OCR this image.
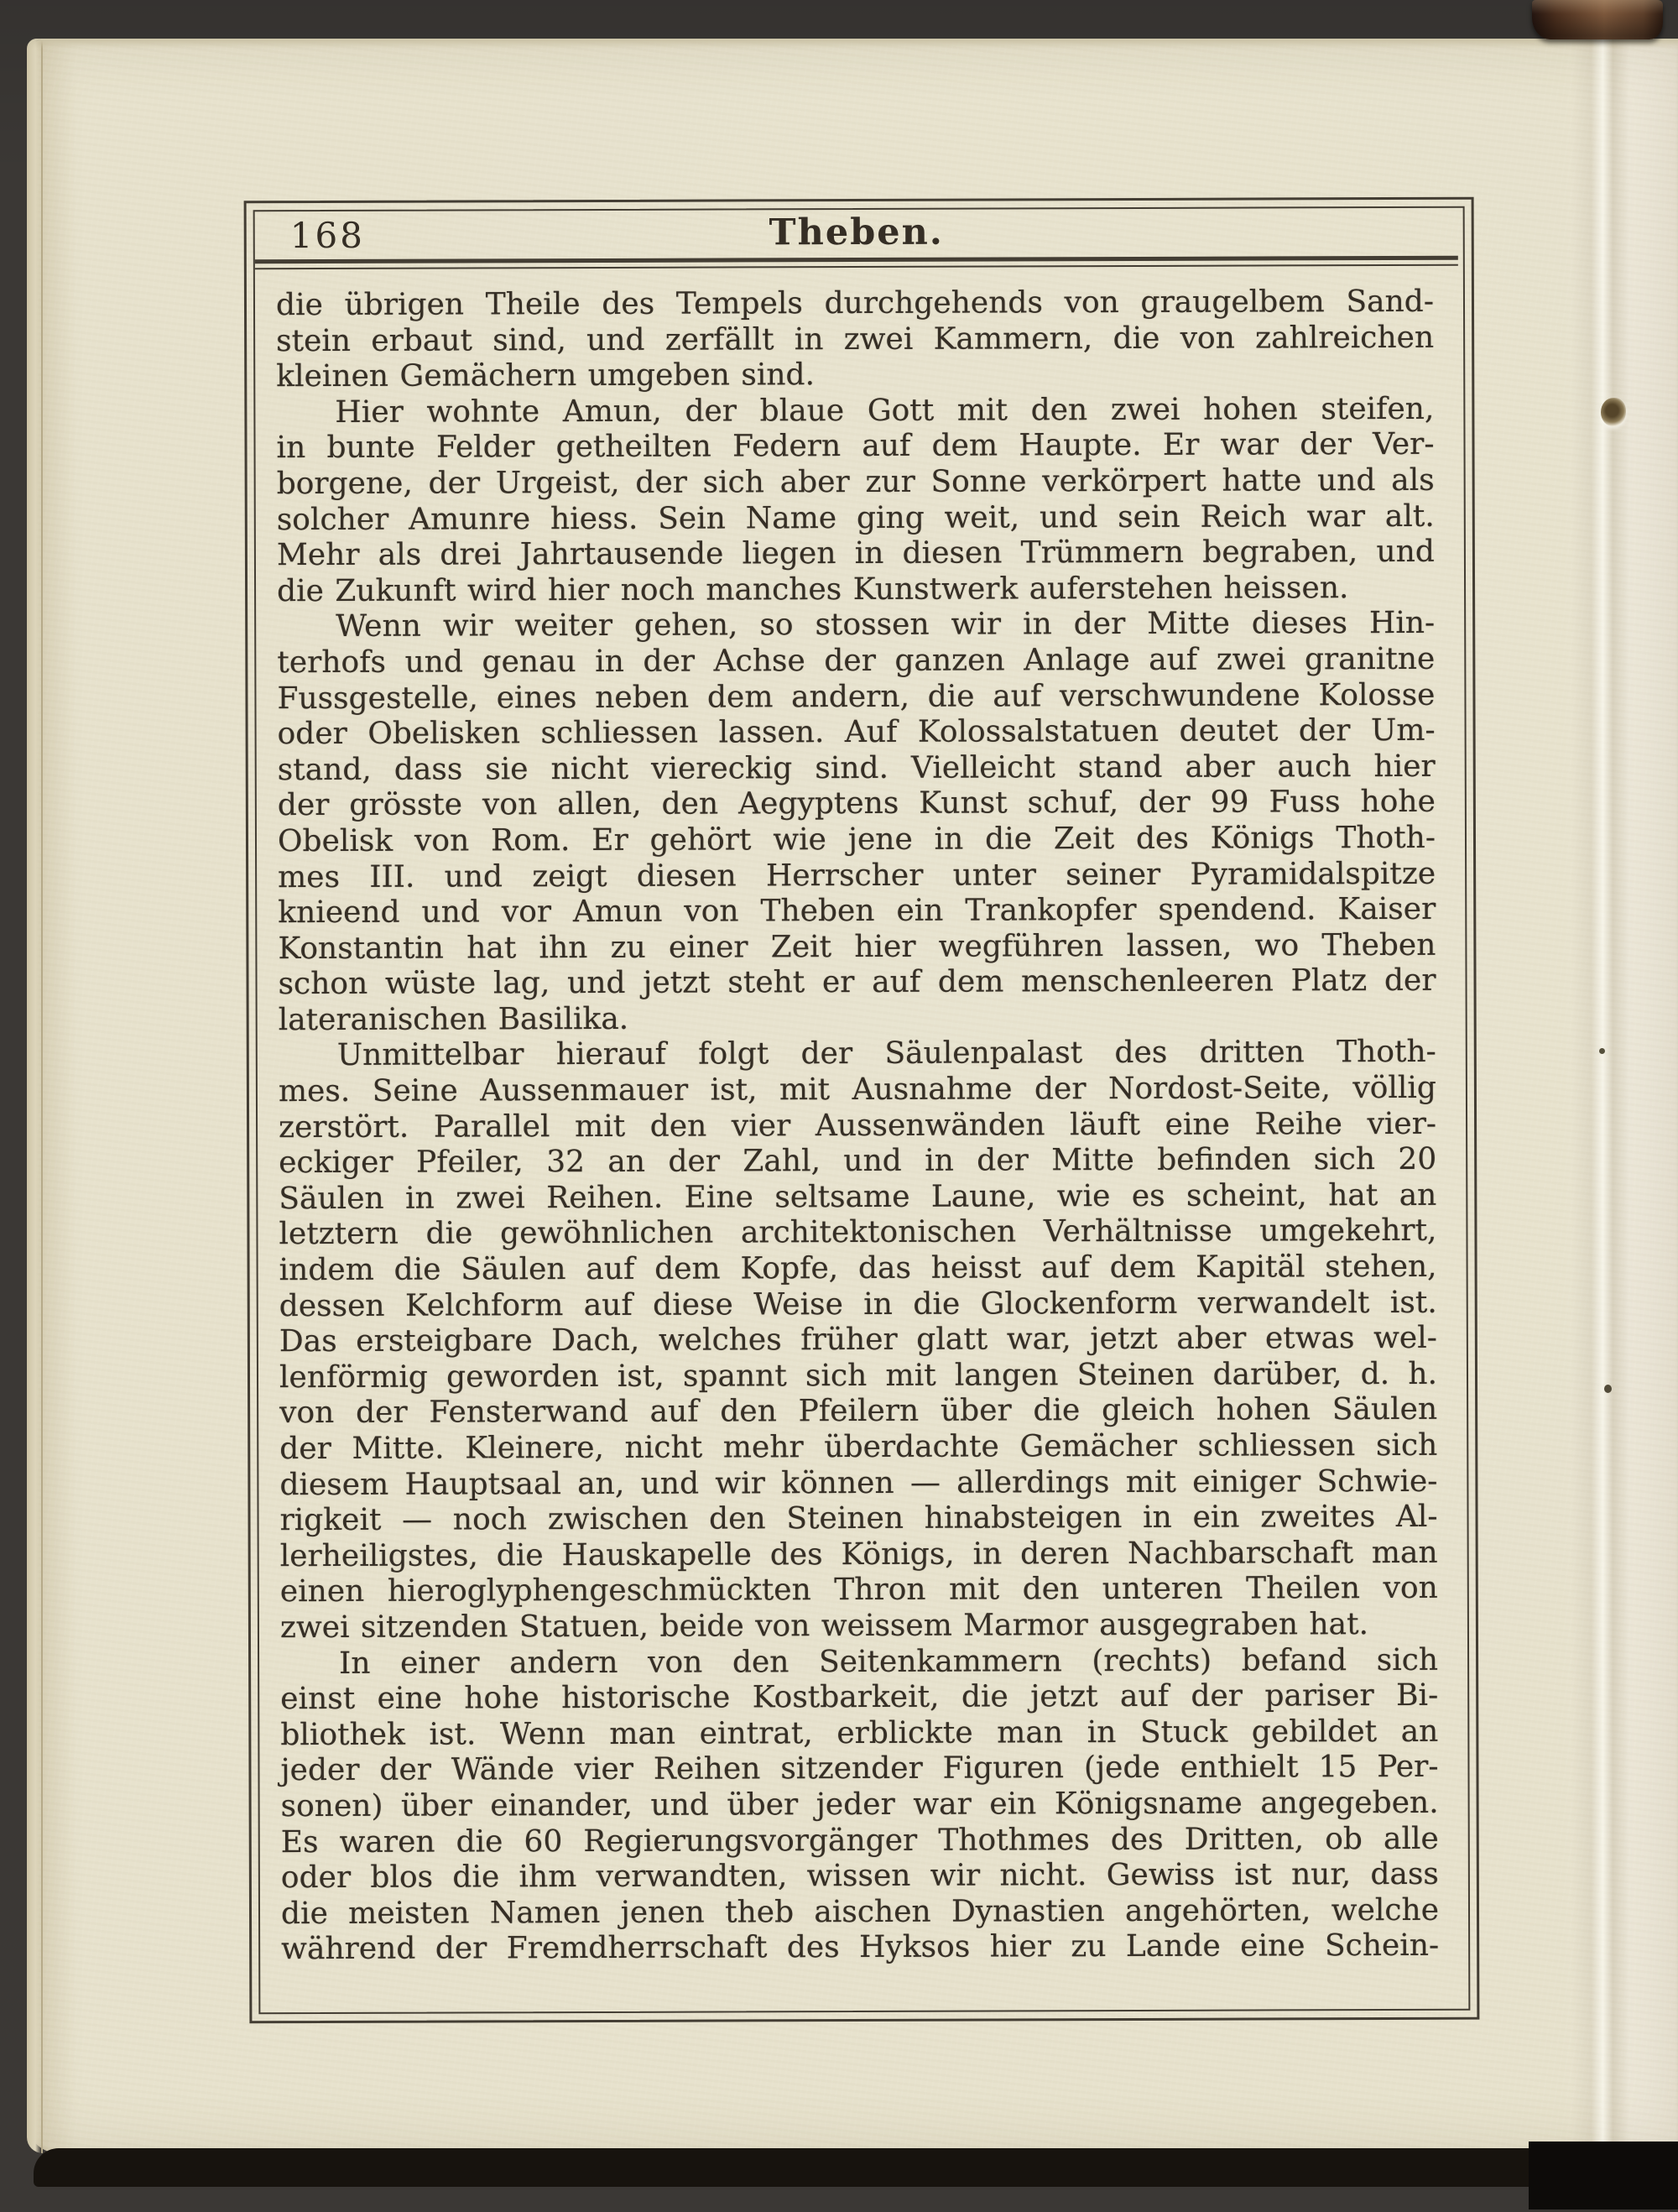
168	Theben.
die übrigen Theile des Tempels durchgehends von graugelbem Sand-
stein erbaut sind, und zerfällt in zwei Kammern, die von zahlreichen
kleinen Gemächern umgeben sind.
Hier wohnte Amun, der blaue Gott mit den zwei hohen steifen,
in bunte Felder getheilten Federn auf dem Haupte. Er war der Ver-
borgene, der Urgeist, der sich aber zur Sonne verkörpert hatte und als
solcher Amunre hiess. Sein Name ging weit, und sein Reich war alt.
Mehr als drei Jahrtausende liegen in diesen Trümmern begraben, und
die Zukunft wird hier noch manches Kunstwerk auferstehen heissen.
Wenn wir weiter gehen, so stossen wir in der Mitte dieses Hin-
terhofs und genau in der Achse der ganzen Anlage auf zwei granitne
Fussgestelle, eines neben dem andern, die auf verschwundene Kolosse
oder Obelisken schliessen lassen. Auf Kolossalstatuen deutet der Um-
stand, dass sie nicht viereckig sind. Vielleicht stand aber auch hier
der grösste von allen, den Aegyptens Kunst schuf, der 99 Fuss hohe
Obelisk von Rom. Er gehört wie jene in die Zeit des Königs Thoth-
mes III. und zeigt diesen Herrscher unter seiner Pyramidalspitze
knieend und vor Amun von Theben ein Trankopfer spendend. Kaiser
Konstantin hat ihn zu einer Zeit hier wegführen lassen, wo Theben
schon wüste lag, und jetzt steht er auf dem menschenleeren Platz der
lateranischen Basilika.
Unmittelbar hierauf folgt der Säulenpalast des dritten Thoth-
mes. Seine Aussenmauer ist, mit Ausnahme der Nordost-Seite, völlig
zerstört. Parallel mit den vier Aussenwänden läuft eine Reihe vier-
eckiger Pfeiler, 32 an der Zahl, und in der Mitte befinden sich 20
Säulen in zwei Reihen. Eine seltsame Laune, wie es scheint, hat an
letztern die gewöhnlichen architektonischen Verhältnisse umgekehrt,
indem die Säulen auf dem Kopfe, das heisst auf dem Kapitäl stehen,
dessen Kelchform auf diese Weise in die Glockenform verwandelt ist.
Das ersteigbare Dach, welches früher glatt war, jetzt aber etwas wel-
lenförmig geworden ist, spannt sich mit langen Steinen darüber, d. h.
von der Fensterwand auf den Pfeilern über die gleich hohen Säulen
der Mitte. Kleinere, nicht mehr überdachte Gemächer schliessen sich
diesem Hauptsaal an, und wir können — allerdings mit einiger Schwie-
rigkeit — noch zwischen den Steinen hinabsteigen in ein zweites Al-
lerheiligstes, die Hauskapelle des Königs, in deren Nachbarschaft man
einen hieroglyphengeschmückten Thron mit den unteren Theilen von
zwei sitzenden Statuen, beide von weissem Marmor ausgegraben hat.
In einer andern von den Seitenkammern (rechts) befand sich
einst eine hohe historische Kostbarkeit, die jetzt auf der pariser Bi-
bliothek ist. Wenn man eintrat, erblickte man in Stuck gebildet an
jeder der Wände vier Reihen sitzender Figuren (jede enthielt 15 Per-
sonen) über einander, und über jeder war ein Königsname angegeben.
Es waren die 60 Regierungsvorgänger Thothmes des Dritten, ob alle
oder blos die ihm verwandten, wissen wir nicht. Gewiss ist nur, dass
die meisten Namen jenen theb aischen Dynastien angehörten, welche
während der Fremdherrschaft des Hyksos hier zu Lande eine Schein-
